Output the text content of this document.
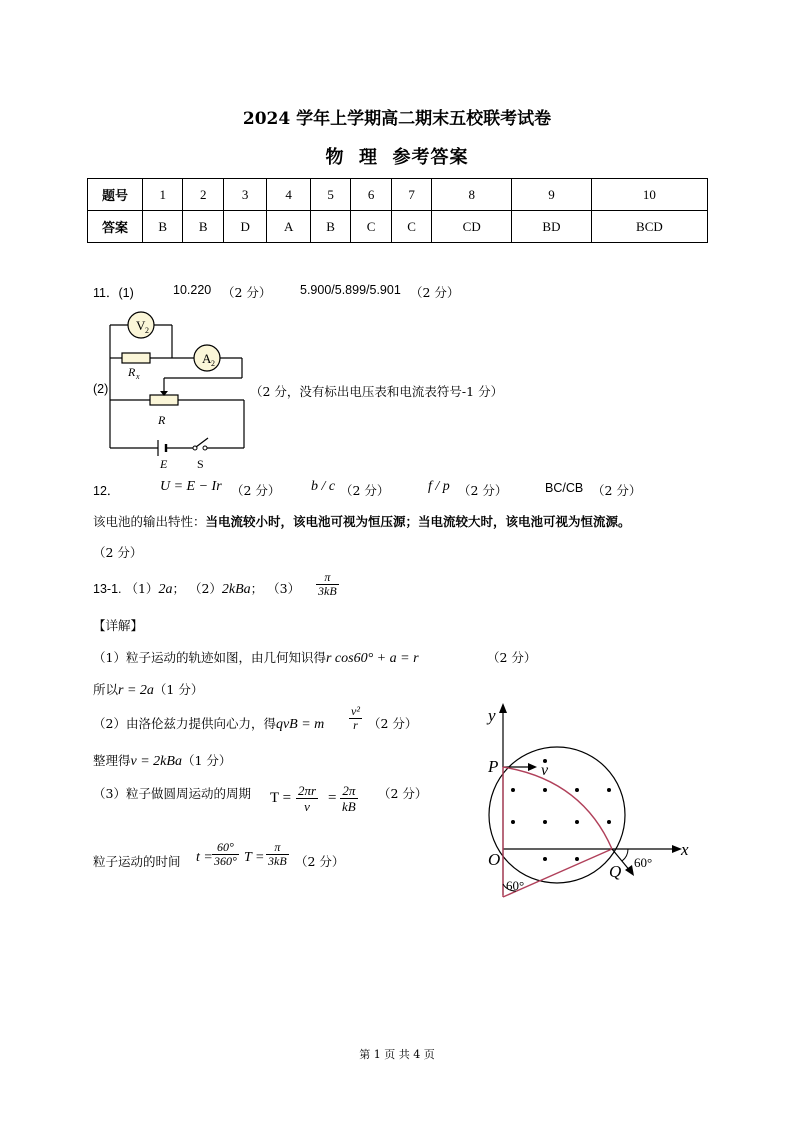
2024 学年上学期高二期末五校联考试卷
物  理  参考答案
题号	1	2	3	4	5	6	7	8	9	10
答案	B	B	D	A	B	C	C	CD	BD	BCD
11．(1)	10.220 （2 分） 5.900/5.899/5.901 （2 分）
(2)	（2 分，没有标出电压表和电流表符号-1 分）
V 2
R x
A 2
R
E S
12．	U = E − Ir （2 分） b / c （2 分）	f / p （2 分）	BC/CB （2 分）
该电池的输出特性：当电流较小时，该电池可视为恒压源；当电流较大时，该电池可视为恒流源。
（2 分）
13-1. （1）2a； （2）2kBa； $(3) \frac{\pi}{3kB}$
【详解】
（1）粒子运动的轨迹如图，由几何知识得r cos60° + a = r	（2 分）
所以r = 2a（1 分）
（2）由洛伦兹力提供向心力，得qvB = m $\frac{\text{v²}}{r} (2$ 分）
整理得v = 2kBa（1 分）
（3）粒子做圆周运动的周期 $T = \frac{2\pi r}{v} = \frac{2\pi}{kB} (2$ 分）
粒子运动的时间 $t = \frac{60^\circ}{360^\circ}$ $T = \frac{\pi}{3kB} (2$ 分）
y
x
P	v
O
Q 60°
60°
第 1 页 共 4 页
